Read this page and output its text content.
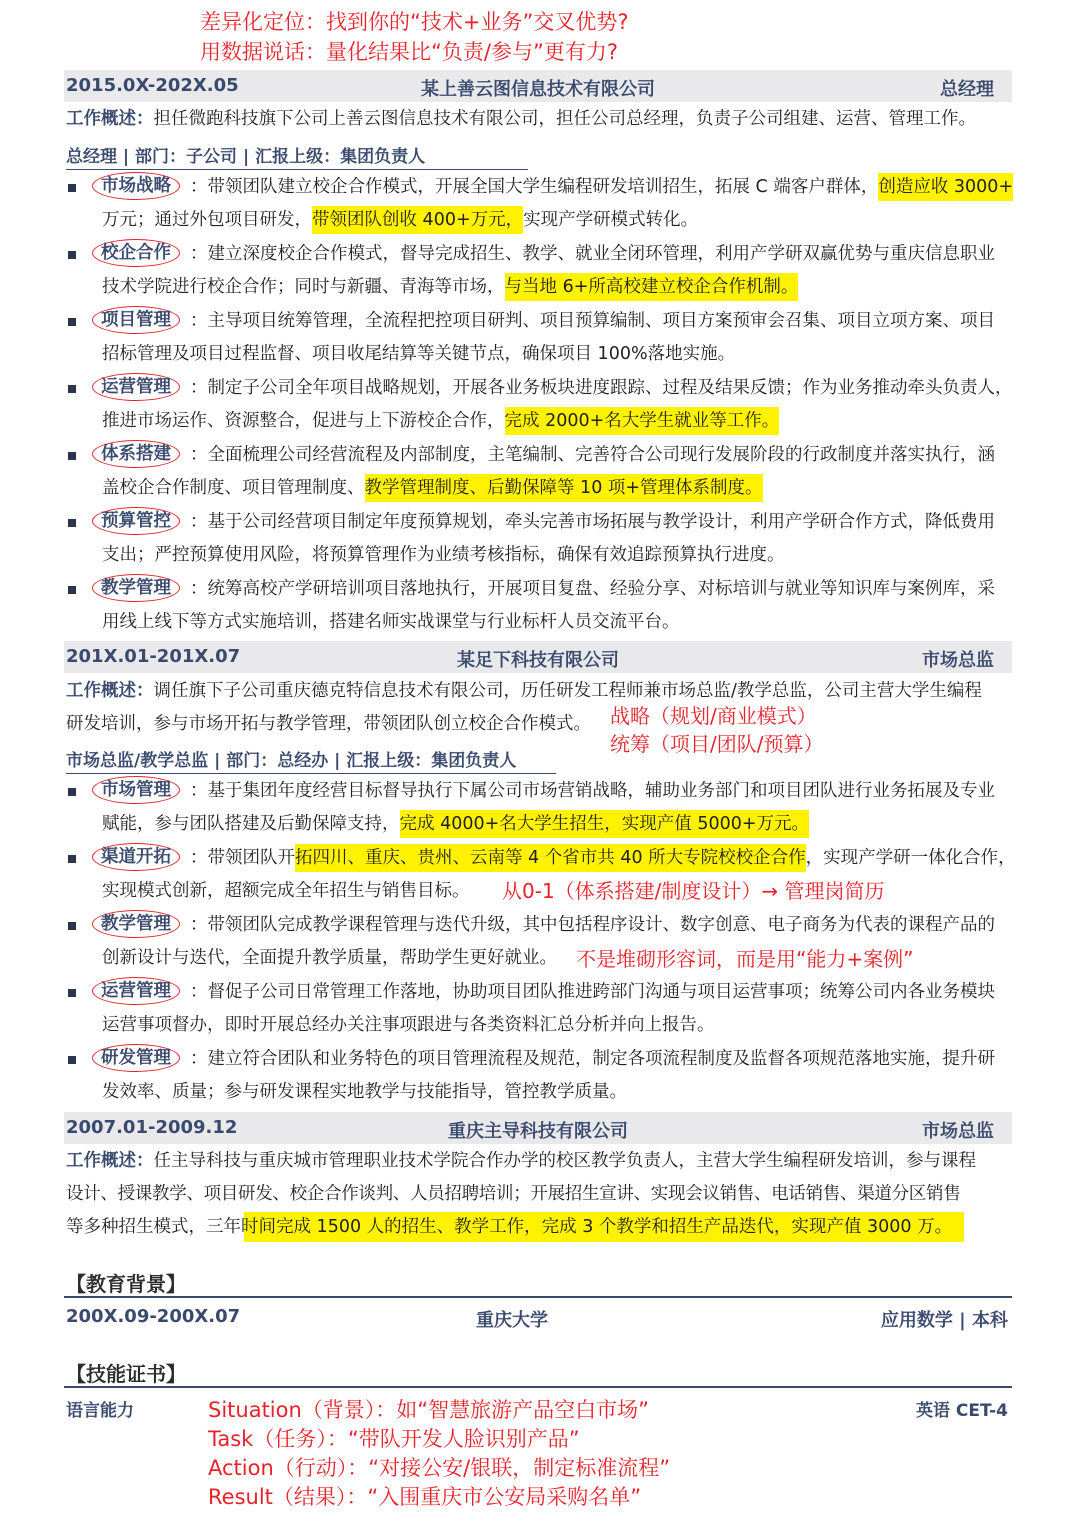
差异化定位：找到你的“技术+业务”交叉优势?
用数据说话：量化结果比“负责/参与”更有力?
2015.0X-202X.05	某上善云图信息技术有限公司	总经理
工作概述：担任微跑科技旗下公司上善云图信息技术有限公司，担任公司总经理，负责子公司组建、运营、管理工作。
总经理 | 部门：子公司 | 汇报上级：集团负责人
：带领团队建立校企合作模式，开展全国大学生编程研发培训招生，拓展 C 端客户群体，创造应收 3000+
市场战略
万元；通过外包项目研发，带领团队创收 400+万元，实现产学研模式转化。
：建立深度校企合作模式，督导完成招生、教学、就业全闭环管理，利用产学研双赢优势与重庆信息职业
校企合作
技术学院进行校企合作；同时与新疆、青海等市场，与当地 6+所高校建立校企合作机制。
：主导项目统筹管理，全流程把控项目研判、项目预算编制、项目方案预审会召集、项目立项方案、项目
项目管理
招标管理及项目过程监督、项目收尾结算等关键节点，确保项目 100%落地实施。
：制定子公司全年项目战略规划，开展各业务板块进度跟踪、过程及结果反馈；作为业务推动牵头负责人，
运营管理
推进市场运作、资源整合，促进与上下游校企合作，完成 2000+名大学生就业等工作。
：全面梳理公司经营流程及内部制度，主笔编制、完善符合公司现行发展阶段的行政制度并落实执行，涵
体系搭建
盖校企合作制度、项目管理制度、教学管理制度、后勤保障等 10 项+管理体系制度。
：基于公司经营项目制定年度预算规划，牵头完善市场拓展与教学设计，利用产学研合作方式，降低费用
预算管控
支出；严控预算使用风险，将预算管理作为业绩考核指标，确保有效追踪预算执行进度。
：统筹高校产学研培训项目落地执行，开展项目复盘、经验分享、对标培训与就业等知识库与案例库，采
教学管理
用线上线下等方式实施培训，搭建名师实战课堂与行业标杆人员交流平台。
201X.01-201X.07	某足下科技有限公司	市场总监
工作概述：调任旗下子公司重庆德克特信息技术有限公司，历任研发工程师兼市场总监/教学总监，公司主营大学生编程
研发培训，参与市场开拓与教学管理，带领团队创立校企合作模式。 战略（规划/商业模式）
统筹（项目/团队/预算）
市场总监/教学总监 | 部门：总经办 | 汇报上级：集团负责人
：基于集团年度经营目标督导执行下属公司市场营销战略，辅助业务部门和项目团队进行业务拓展及专业
市场管理
赋能，参与团队搭建及后勤保障支持，完成 4000+名大学生招生，实现产值 5000+万元。
：带领团队开拓四川、重庆、贵州、云南等 4 个省市共 40 所大专院校校企合作，实现产学研一体化合作，
渠道开拓
实现模式创新，超额完成全年招生与销售目标。
：带领团队完成教学课程管理与迭代升级，其中包括程序设计、数字创意、电子商务为代表的课程产品的
教学管理
创新设计与迭代，全面提升教学质量，帮助学生更好就业。
：督促子公司日常管理工作落地，协助项目团队推进跨部门沟通与项目运营事项；统筹公司内各业务模块
运营管理
运营事项督办，即时开展总经办关注事项跟进与各类资料汇总分析并向上报告。
：建立符合团队和业务特色的项目管理流程及规范，制定各项流程制度及监督各项规范落地实施，提升研
研发管理
发效率、质量；参与研发课程实地教学与技能指导，管控教学质量。
从0-1（体系搭建/制度设计）→ 管理岗简历
不是堆砌形容词，而是用“能力+案例”
2007.01-2009.12	重庆主导科技有限公司	市场总监
工作概述：任主导科技与重庆城市管理职业技术学院合作办学的校区教学负责人，主营大学生编程研发培训，参与课程
设计、授课教学、项目研发、校企合作谈判、人员招聘培训；开展招生宣讲、实现会议销售、电话销售、渠道分区销售
等多种招生模式，三年时间完成 1500 人的招生、教学工作，完成 3 个教学和招生产品迭代，实现产值 3000 万。
【教育背景】
200X.09-200X.07	重庆大学	应用数学 | 本科
【技能证书】
语言能力	英语 CET-4
Situation（背景）：如“智慧旅游产品空白市场”
Task（任务）：“带队开发人脸识别产品”
Action（行动）：“对接公安/银联，制定标准流程”
Result（结果）：“入围重庆市公安局采购名单”
